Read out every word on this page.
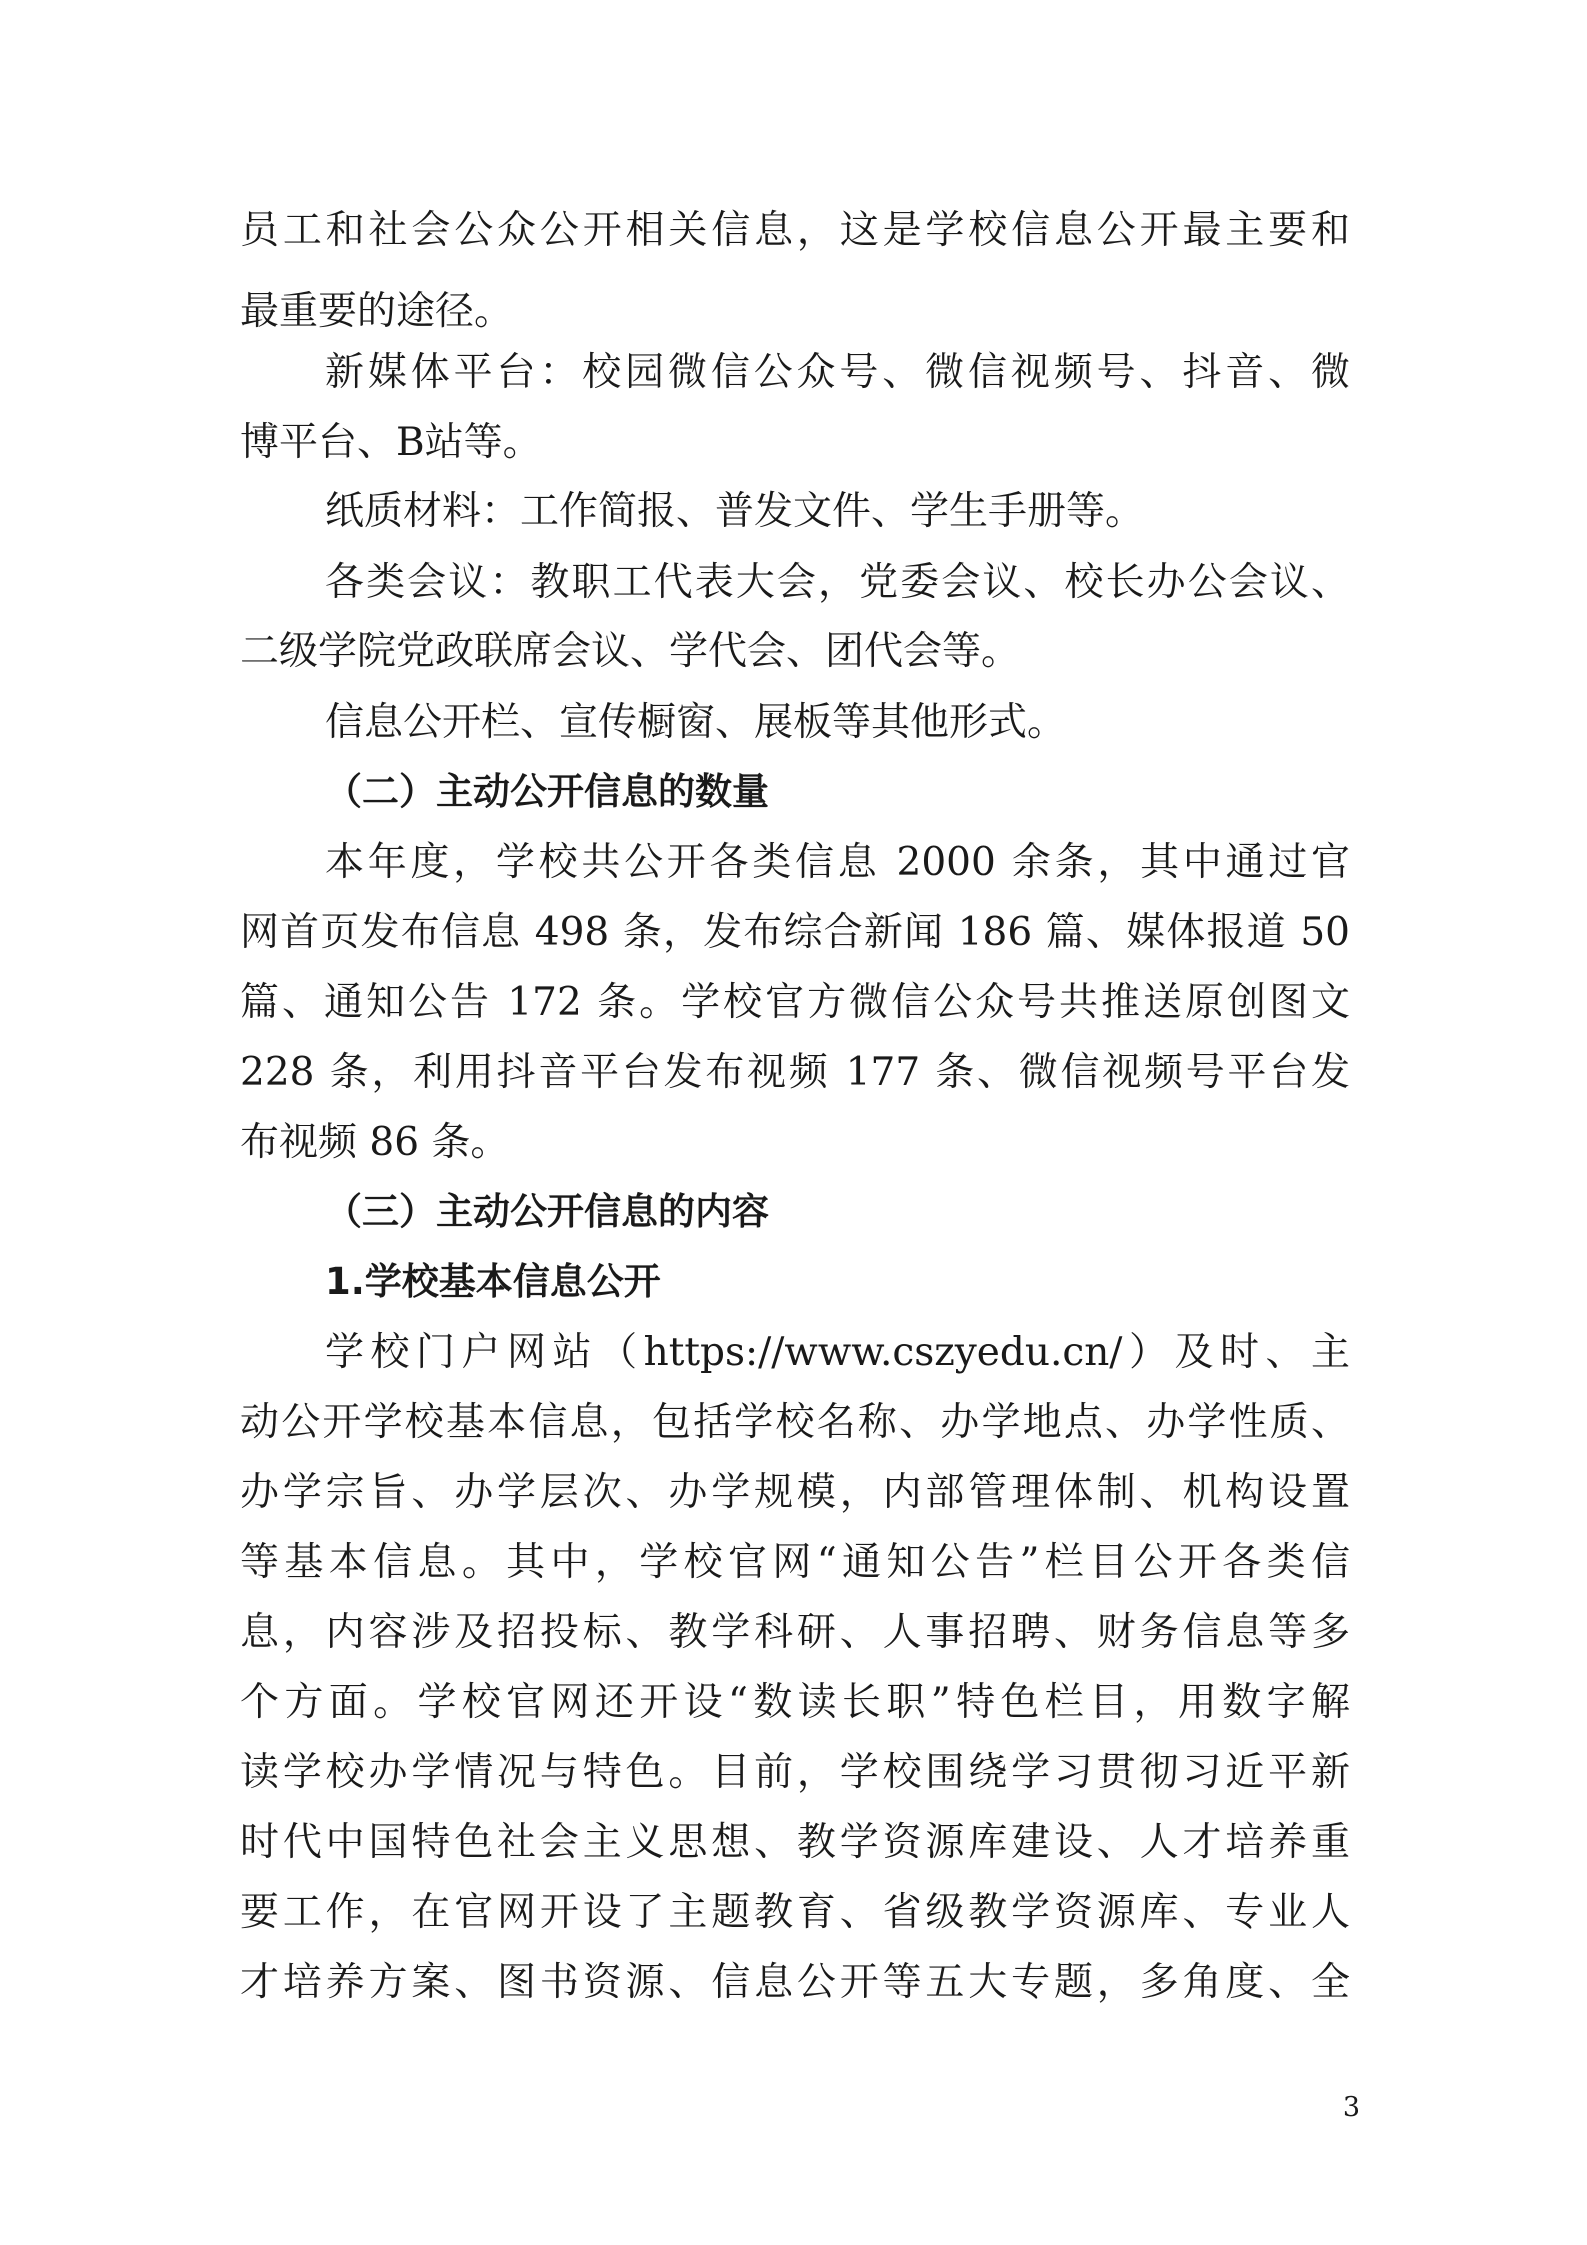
员工和社会公众公开相关信息，这是学校信息公开最主要和
最重要的途径。
新媒体平台：校园微信公众号、微信视频号、抖音、微
博平台、B站等。
纸质材料：工作简报、普发文件、学生手册等。
各类会议：教职工代表大会，党委会议、校长办公会议、
二级学院党政联席会议、学代会、团代会等。
信息公开栏、宣传橱窗、展板等其他形式。
（二）主动公开信息的数量
本年度，学校共公开各类信息 2000 余条，其中通过官
网首页发布信息 498 条，发布综合新闻 186 篇、媒体报道 50
篇、通知公告 172 条。学校官方微信公众号共推送原创图文
228 条，利用抖音平台发布视频 177 条、微信视频号平台发
布视频 86 条。
（三）主动公开信息的内容
1.学校基本信息公开
学校门户网站（https://www.cszyedu.cn/）及时、主
动公开学校基本信息，包括学校名称、办学地点、办学性质、
办学宗旨、办学层次、办学规模，内部管理体制、机构设置
等基本信息。其中，学校官网“通知公告”栏目公开各类信
息，内容涉及招投标、教学科研、人事招聘、财务信息等多
个方面。学校官网还开设“数读长职”特色栏目，用数字解
读学校办学情况与特色。目前，学校围绕学习贯彻习近平新
时代中国特色社会主义思想、教学资源库建设、人才培养重
要工作，在官网开设了主题教育、省级教学资源库、专业人
才培养方案、图书资源、信息公开等五大专题，多角度、全
3
